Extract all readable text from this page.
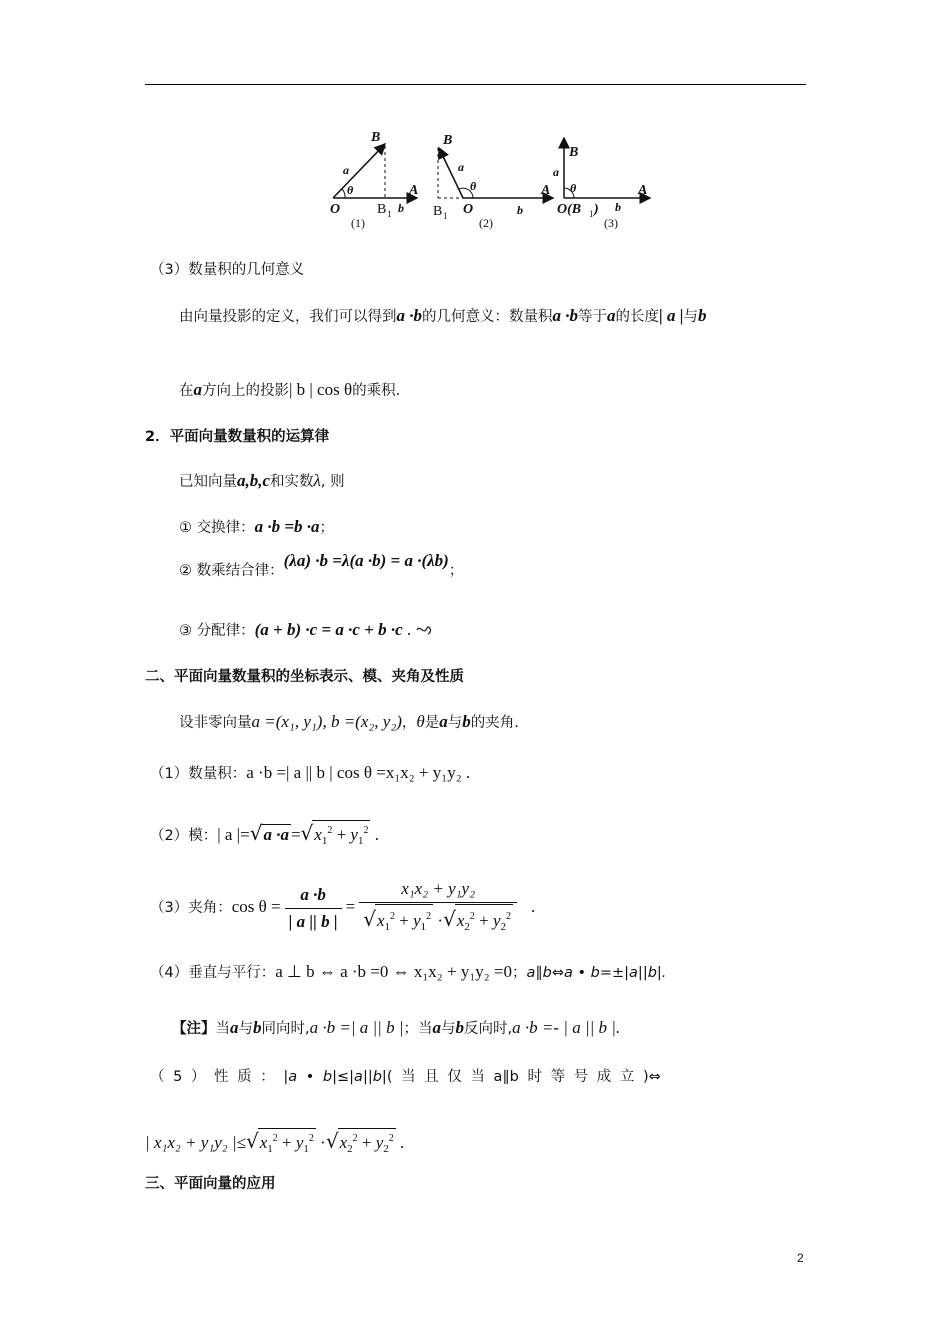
B
a
θ
O	B 1 b
A
(1)
B
a
θ
O
B 1	b
A
(2)
B
a
θ
O(B 1 ) b
A
(3)
（3）数量积的几何意义
由向量投影的定义，我们可以得到a ·b的几何意义：数量积a ·b等于a的长度| a |与b
在a方向上的投影| b | cos θ的乘积.
2．平面向量数量积的运算律
已知向量a,b,c和实数λ, 则
① 交换律：a ·b =b ·a；
② 数乘结合律：(λa) ·b =λ(a ·b) = a ·(λb)；
③ 分配律：(a + b) ·c = a ·c + b ·c .
二、平面向量数量积的坐标表示、模、夹角及性质
设非零向量a =(x₁, y₁), b =(x₂, y₂)，θ是a与b的夹角.
（1）数量积：a ·b =| a || b | cos θ =x₁x₂ + y₁y₂ .
（2）模：| a $|=√a \cdot a =√x_1^2 + y_1^2$ .
（3）夹角：$\cos \theta = \frac{a \cdot b}{| a || b |} = \frac{\text{x₁x₂ + y₁y₂}}{√x_1^2 + y_1^2 \cdot√x_2^2 + y_2^2}$ .
（4）垂直与平行：a ⊥ b ⇔ a ·b =0 ⇔ x₁x₂ + y₁y₂ =0；a∥b⇔a • b=±|a||b|.
【注】当a与b同向时,a ·b =| a || b |；当a与b反向时,a ·b =- | a || b |.
（ 5 ） 性 质 ： |a • b|≤|a||b|( 当 且 仅 当 a∥b 时 等 号 成 立 )⇔
| x₁x₂ + y₁y₂ $|\le√x_1^2 + y_1^2 \cdot√x_2^2 + y_2^2$ .
三、平面向量的应用
2
